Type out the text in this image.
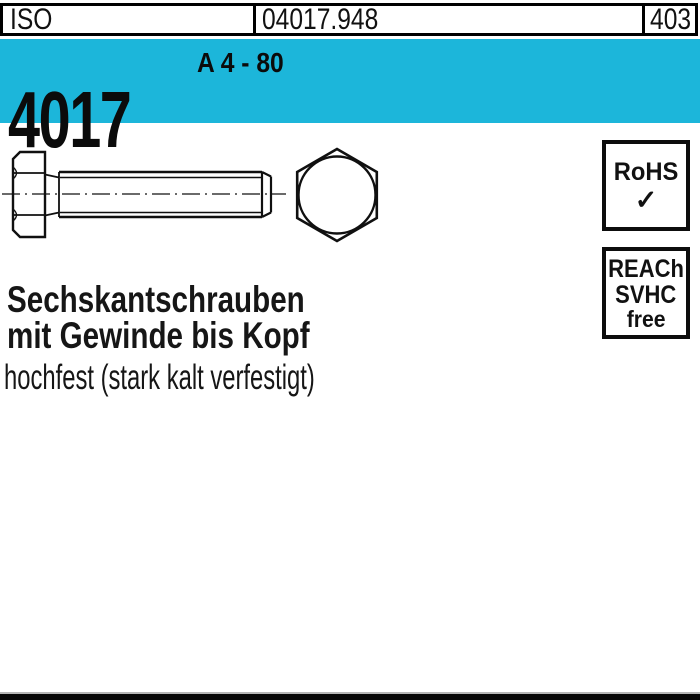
ISO	04017.948	403
4017
A 4 - 80
RoHS
✓
REACh
SVHC
free
Sechskantschrauben
mit Gewinde bis Kopf
hochfest (stark kalt verfestigt)
